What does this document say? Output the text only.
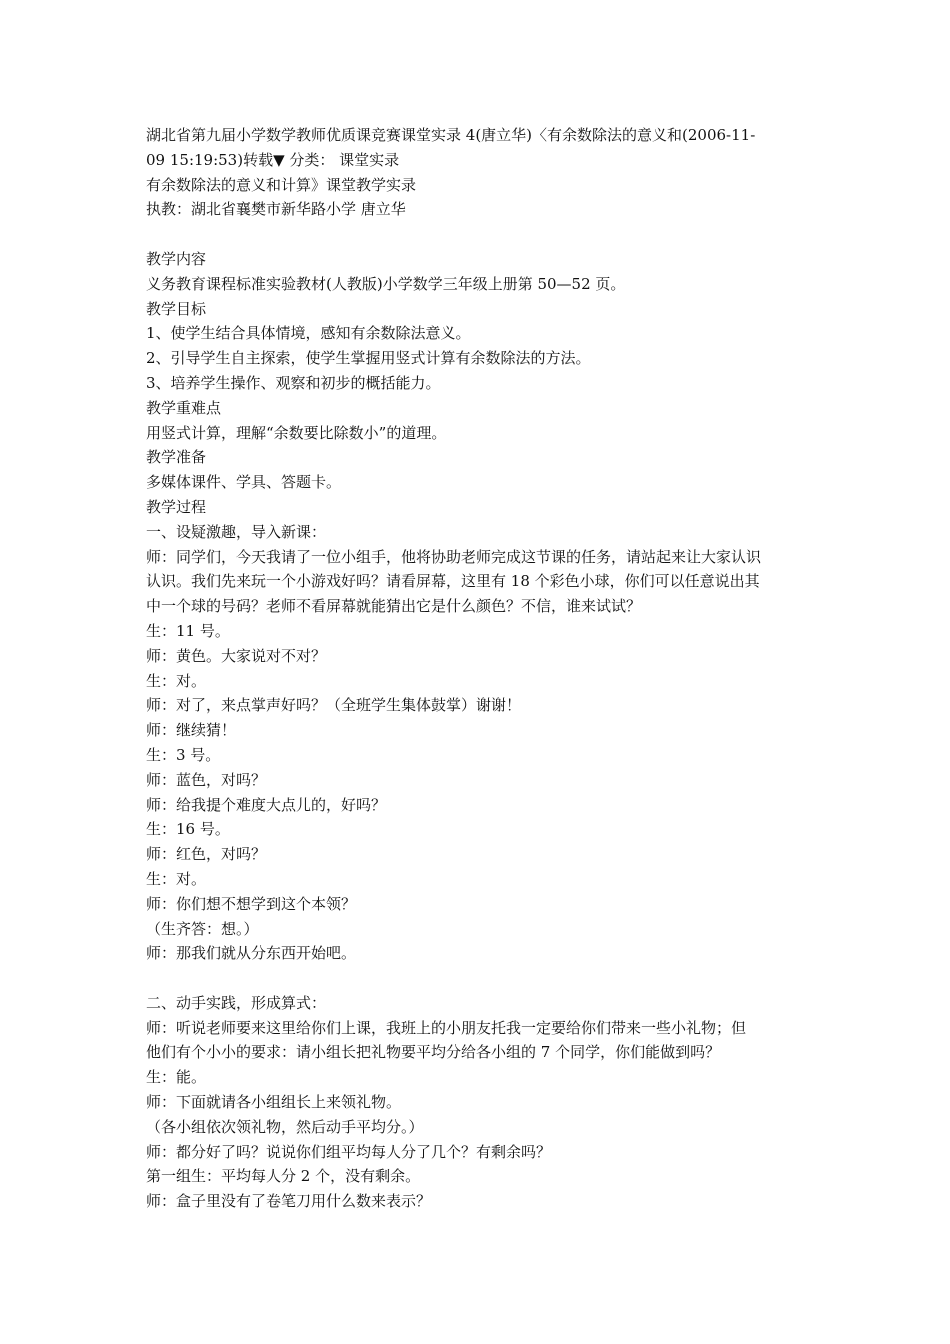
湖北省第九届小学数学教师优质课竞赛课堂实录 4(唐立华)〈有余数除法的意义和(2006-11-
09 15:19:53)转载▼ 分类： 课堂实录
有余数除法的意义和计算》课堂教学实录
执教：湖北省襄樊市新华路小学 唐立华
教学内容
义务教育课程标准实验教材(人教版)小学数学三年级上册第 50—52 页。
教学目标
1、使学生结合具体情境，感知有余数除法意义。
2、引导学生自主探索，使学生掌握用竖式计算有余数除法的方法。
3、培养学生操作、观察和初步的概括能力。
教学重难点
用竖式计算，理解“余数要比除数小”的道理。
教学准备
多媒体课件、学具、答题卡。
教学过程
一、设疑激趣，导入新课：
师：同学们，今天我请了一位小组手，他将协助老师完成这节课的任务，请站起来让大家认识
认识。我们先来玩一个小游戏好吗？请看屏幕，这里有 18 个彩色小球，你们可以任意说出其
中一个球的号码？老师不看屏幕就能猜出它是什么颜色？不信，谁来试试？
生：11 号。
师：黄色。大家说对不对？
生：对。
师：对了，来点掌声好吗？（全班学生集体鼓掌）谢谢！
师：继续猜！
生：3 号。
师：蓝色，对吗？
师：给我提个难度大点儿的，好吗？
生：16 号。
师：红色，对吗？
生：对。
师：你们想不想学到这个本领？
（生齐答：想。）
师：那我们就从分东西开始吧。
二、动手实践，形成算式：
师：听说老师要来这里给你们上课，我班上的小朋友托我一定要给你们带来一些小礼物；但
他们有个小小的要求：请小组长把礼物要平均分给各小组的 7 个同学，你们能做到吗？
生：能。
师：下面就请各小组组长上来领礼物。
（各小组依次领礼物，然后动手平均分。）
师：都分好了吗？说说你们组平均每人分了几个？有剩余吗？
第一组生：平均每人分 2 个，没有剩余。
师：盒子里没有了卷笔刀用什么数来表示？
